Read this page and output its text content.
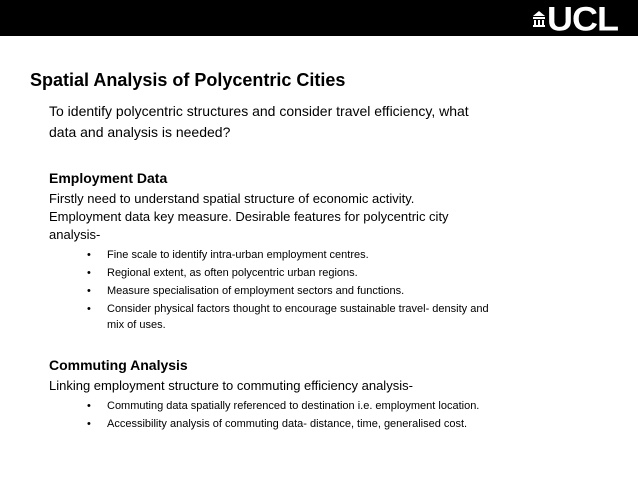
UCL
Spatial Analysis of Polycentric Cities

To identify polycentric structures and consider travel efficiency, what data and analysis is needed?

Employment Data

Firstly need to understand spatial structure of economic activity. Employment data key measure. Desirable features for polycentric city analysis-

• Fine scale to identify intra-urban employment centres.
• Regional extent, as often polycentric urban regions.
• Measure specialisation of employment sectors and functions.
• Consider physical factors thought to encourage sustainable travel- density and mix of uses.
Commuting Analysis

Linking employment structure to commuting efficiency analysis-

• Commuting data spatially referenced to destination i.e. employment location.
• Accessibility analysis of commuting data- distance, time, generalised cost.
